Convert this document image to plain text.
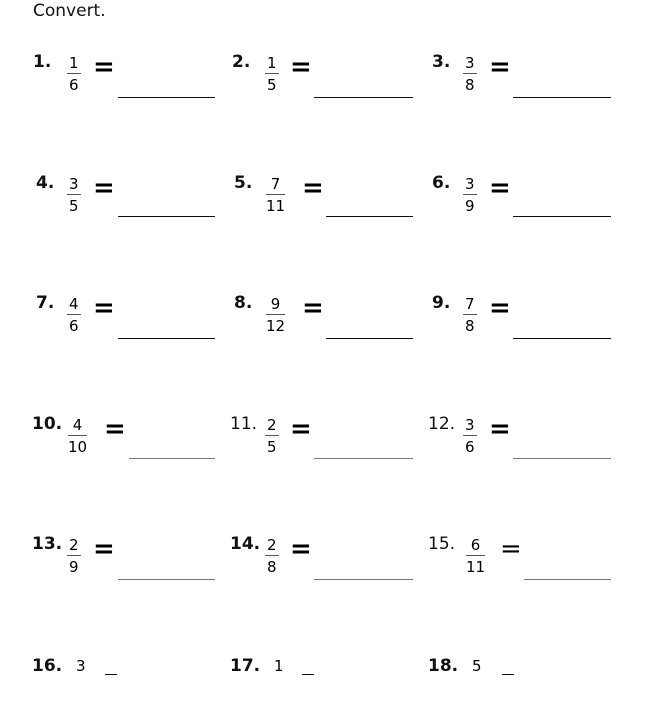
Convert.
1. 1
6
=	2. 1
5
=	3. 3
8
=
4. 3
5
=	5. 7
11
=	6. 3
9
=
7. 4
6
=	8. 9
12
=	9. 7
8
=
10. 4
10
=	11. 2
5
=	12. 3
6
=
13. 2
9
=	14. 2
8
=	15. 6
11
=
16. 3	17. 1	18. 5
